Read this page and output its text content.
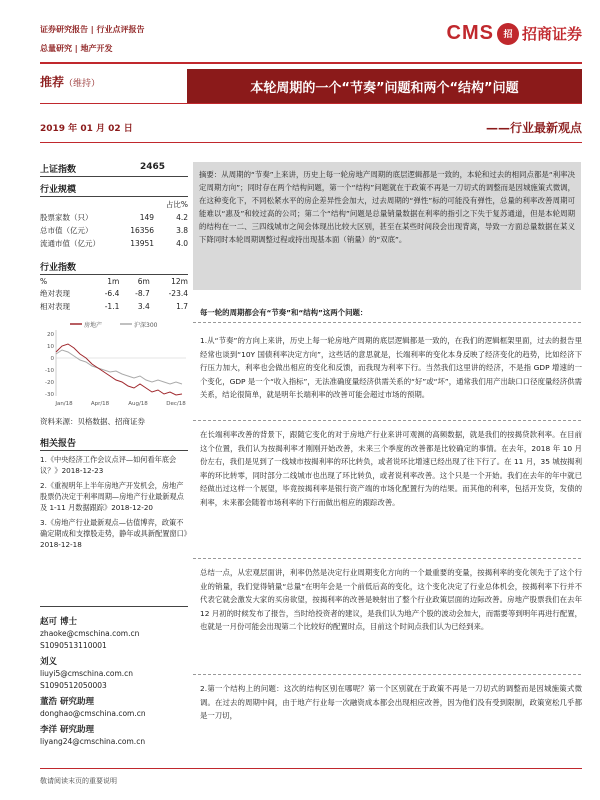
证券研究报告 | 行业点评报告
总量研究 | 地产开发
CMS	招 招商证券
推荐（维持）	本轮周期的一个“节奏”问题和两个“结构”问题
2019 年 01 月 02 日	——行业最新观点
上证指数	2465
行业规模
		占比%
股票家数（只）	149	4.2
总市值（亿元）	16356	3.8
流通市值（亿元）	13951	4.0
行业指数
%	1m	6m	12m
绝对表现	-6.4	-8.7	-23.4
相对表现	-1.1	3.4	1.7
房地产	沪深300
20
10
0
-10
-20
-30
Jan/18	Apr/18	Aug/18	Dec/18
资料来源：贝格数据、招商证券
相关报告
1.《中央经济工作会议点评—如何看年底会议？》2018-12-23
2.《重视明年上半年房地产开发机会，房地产股票仍决定于利率周期—房地产行业最新观点及 1-11 月数据跟踪》2018-12-20
3.《房地产行业最新观点—估值博弈，政策不确定期成和支撑股走势，静年或具新配置窗口》2018-12-18
赵可 博士
zhaoke@cmschina.com.cn
S1090513110001
刘义
liuyi5@cmschina.com.cn
S1090512050003
董浩 研究助理
donghao@cmschina.com.cn
李洋 研究助理
liyang24@cmschina.com.cn
摘要：从周期的“节奏”上来讲，历史上每一轮房地产周期的底层逻辑都是一致的，本轮和过去的相同点都是“利率决定周期方向”；同时存在两个结构问题，第一个“结构”问题就在于政策不再是一刀切式的调整而是因城施策式微调，在这种变化下，不同松紧水平的房企差异性会加大，过去周期的“弹性”标的可能没有弹性，总量的利率改善周期可能难以“惠及”和较过高的公司；第二个“结构”问题是总量销量数据在利率的指引之下失于复苏通道，但是本轮周期的结构在一二、三四线城市之间会体现出比较大区别，甚至在某些时间段会出现背离，导致一方面总量数据在某义下降同时本轮周期调整过程或持出现基本面（销量）的“双底”。
每一轮的周期都会有“节奏”和“结构”这两个问题：
1.从“节奏”的方向上来讲，历史上每一轮房地产周期的底层逻辑都是一致的，在我们的逻辑框架里面，过去的报告里经常也谈到“10Y 国债利率决定方向”，这些话的意思就是，长端利率的变化本身反映了经济变化的趋势，比如经济下行压力加大，利率也会做出相应的变化和反馈，而我现为利率下行。当然我们这里讲的经济，不是指 GDP 增速的一个变化，GDP 是一个“收入指标”，无法准确度量经济供需关系的“好”或“坏”，通常我们用产出缺口口径度量经济供需关系，结论很简单，就是明年长端利率的改善可能会超过市场的预期。
在长端利率改善的背景下，跟随它变化的对于房地产行业来讲可观测的高频数据，就是我们的按揭贷款利率。在目前这个位置，我们认为按揭利率才刚刚开始改善，未来三个季度的改善都是比较确定的事情。在去年，2018 年 10 月份左右，我们是见到了一线城市按揭利率的环比转负，或者说环比增速已经出现了往下行了。在 11 月，35 城按揭利率的环比转零，同时部分二线城市也出现了环比转负，或者说利率改善。这个只是一个开始。我们在去年的年中就已经做出过这样一个展望，毕竟按揭利率是银行资产端的市场化配置行为的结果。而其他的利率，包括开发贷，发债的利率，未来都会随着市场利率的下行而做出相应的跟踪改善。
总结一点，从宏观层面讲，利率仍然是决定行业周期变化方向的一个最重要的变量，按揭利率的变化领先于了这个行业的销量，我们觉得销量“总量”在明年会是一个前低后高的变化，这个变化决定了行业总体机会，按揭利率下行并不代表它就会激发大家的买房欲望，按揭利率的改善是映射出了整个行业政策层面的边际改善。房地产股票我们在去年 12 月初的时候发布了报告，当时给投资者的建议，是我们认为地产个股的波动会加大，而需要等到明年再进行配置，也就是一月份可能会出现第二个比较好的配置时点，目前这个时间点我们认为已经到来。
2.第一个结构上的问题：这次的结构区别在哪呢？第一个区别就在于政策不再是一刀切式的调整而是因城施策式微调。在过去的周期中间，由于地产行业每一次融资成本都会出现相应改善，因为他们没有受到限制，政策宽松几乎都是一刀切，
敬请阅读末页的重要说明
